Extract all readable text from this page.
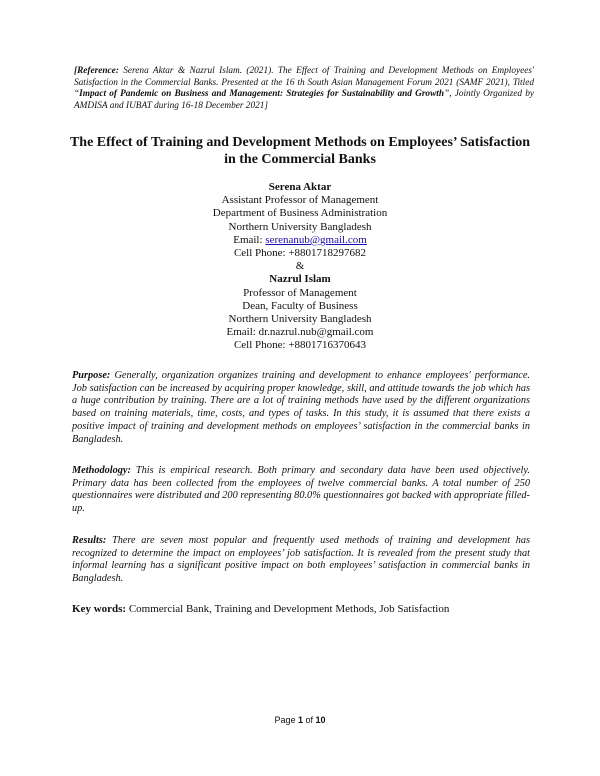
[Reference: Serena Aktar & Nazrul Islam. (2021). The Effect of Training and Development Methods on Employees' Satisfaction in the Commercial Banks. Presented at the 16 th South Asian Management Forum 2021 (SAMF 2021), Titled “Impact of Pandemic on Business and Management: Strategies for Sustainability and Growth”, Jointly Organized by AMDISA and IUBAT during 16-18 December 2021]
The Effect of Training and Development Methods on Employees’ Satisfaction
in the Commercial Banks
Serena Aktar
Assistant Professor of Management
Department of Business Administration
Northern University Bangladesh
Email: serenanub@gmail.com
Cell Phone: +8801718297682
&
Nazrul Islam
Professor of Management
Dean, Faculty of Business
Northern University Bangladesh
Email: dr.nazrul.nub@gmail.com
Cell Phone: +8801716370643
Purpose: Generally, organization organizes training and development to enhance employees' performance. Job satisfaction can be increased by acquiring proper knowledge, skill, and attitude towards the job which has a huge contribution by training. There are a lot of training methods have used by the different organizations based on training materials, time, costs, and types of tasks. In this study, it is assumed that there exists a positive impact of training and development methods on employees’ satisfaction in the commercial banks in Bangladesh.
Methodology: This is empirical research. Both primary and secondary data have been used objectively. Primary data has been collected from the employees of twelve commercial banks. A total number of 250 questionnaires were distributed and 200 representing 80.0% questionnaires got backed with appropriate filled-up.
Results: There are seven most popular and frequently used methods of training and development has recognized to determine the impact on employees’ job satisfaction. It is revealed from the present study that informal learning has a significant positive impact on both employees’ satisfaction in commercial banks in Bangladesh.
Key words: Commercial Bank, Training and Development Methods, Job Satisfaction
Page 1 of 10
